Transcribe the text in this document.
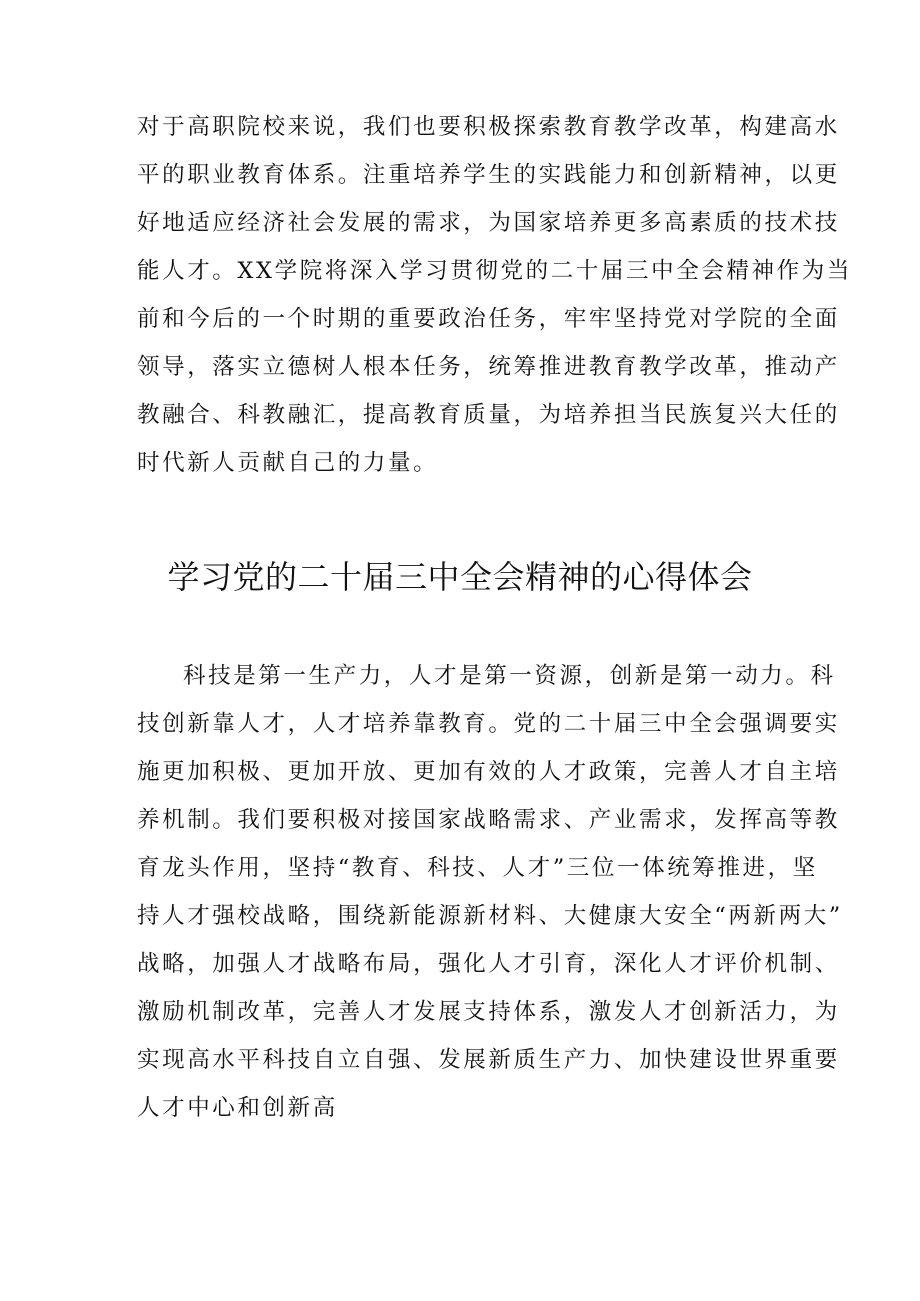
对于高职院校来说，我们也要积极探索教育教学改革，构建高水
平的职业教育体系。注重培养学生的实践能力和创新精神，以更
好地适应经济社会发展的需求，为国家培养更多高素质的技术技
能人才。XX学院将深入学习贯彻党的二十届三中全会精神作为当
前和今后的一个时期的重要政治任务，牢牢坚持党对学院的全面
领导，落实立德树人根本任务，统筹推进教育教学改革，推动产
教融合、科教融汇，提高教育质量，为培养担当民族复兴大任的
时代新人贡献自己的力量。
学习党的二十届三中全会精神的心得体会
科技是第一生产力，人才是第一资源，创新是第一动力。科
技创新靠人才，人才培养靠教育。党的二十届三中全会强调要实
施更加积极、更加开放、更加有效的人才政策，完善人才自主培
养机制。我们要积极对接国家战略需求、产业需求，发挥高等教
育龙头作用，坚持“教育、科技、人才”三位一体统筹推进，坚
持人才强校战略，围绕新能源新材料、大健康大安全“两新两大”
战略，加强人才战略布局，强化人才引育，深化人才评价机制、
激励机制改革，完善人才发展支持体系，激发人才创新活力，为
实现高水平科技自立自强、发展新质生产力、加快建设世界重要
人才中心和创新高
